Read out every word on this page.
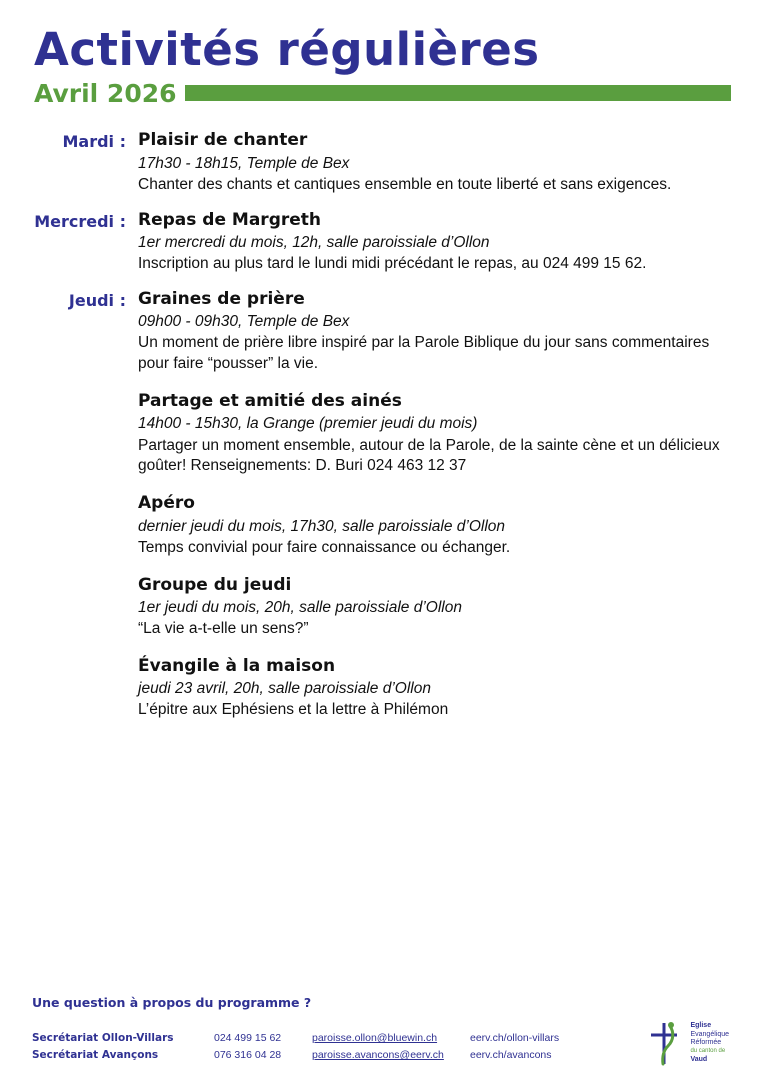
Activités régulières
Avril 2026
Mardi : Plaisir de chanter
17h30 - 18h15, Temple de Bex
Chanter des chants et cantiques ensemble en toute liberté et sans exigences.
Mercredi : Repas de Margreth
1er mercredi du mois, 12h, salle paroissiale d’Ollon
Inscription au plus tard le lundi midi précédant le repas, au 024 499 15 62.
Jeudi : Graines de prière
09h00 - 09h30, Temple de Bex
Un moment de prière libre inspiré par la Parole Biblique du jour sans commentaires pour faire “pousser” la vie.
Partage et amitié des ainés
14h00 - 15h30, la Grange (premier jeudi du mois)
Partager un moment ensemble, autour de la Parole, de la sainte cène et un délicieux goûter! Renseignements: D. Buri 024 463 12 37
Apéro
dernier jeudi du mois, 17h30, salle paroissiale d’Ollon
Temps convivial pour faire connaissance ou échanger.
Groupe du jeudi
1er jeudi du mois, 20h, salle paroissiale d’Ollon
“La vie a-t-elle un sens?”
Évangile à la maison
jeudi 23 avril, 20h, salle paroissiale d’Ollon
L’épitre aux Ephésiens et la lettre à Philémon
Une question à propos du programme ?
Secrétariat Ollon-Villars	024 499 15 62	paroisse.ollon@bluewin.ch	eerv.ch/ollon-villars
Secrétariat Avançons	076 316 04 28	paroisse.avancons@eerv.ch	eerv.ch/avancons
Eglise
Evangélique
Réformée
du canton de
Vaud
